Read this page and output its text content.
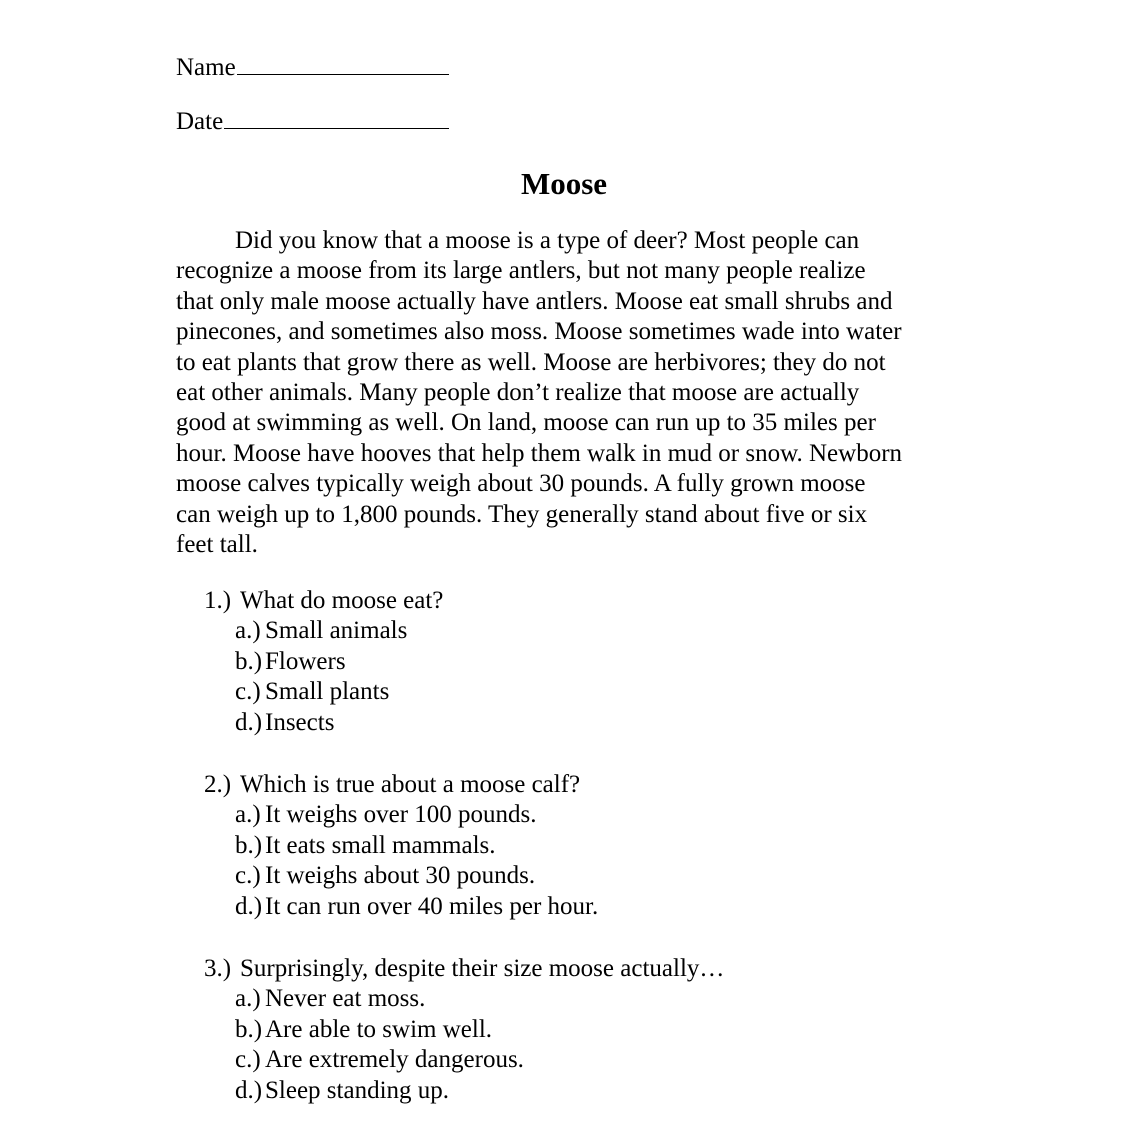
Name
Date
Moose
Did you know that a moose is a type of deer? Most people can
recognize a moose from its large antlers, but not many people realize
that only male moose actually have antlers. Moose eat small shrubs and
pinecones, and sometimes also moss. Moose sometimes wade into water
to eat plants that grow there as well. Moose are herbivores; they do not
eat other animals. Many people don’t realize that moose are actually
good at swimming as well. On land, moose can run up to 35 miles per
hour. Moose have hooves that help them walk in mud or snow. Newborn
moose calves typically weigh about 30 pounds. A fully grown moose
can weigh up to 1,800 pounds. They generally stand about five or six
feet tall.
1.) What do moose eat?
a.) Small animals
b.) Flowers
c.) Small plants
d.) Insects
2.) Which is true about a moose calf?
a.) It weighs over 100 pounds.
b.) It eats small mammals.
c.) It weighs about 30 pounds.
d.) It can run over 40 miles per hour.
3.) Surprisingly, despite their size moose actually…
a.) Never eat moss.
b.) Are able to swim well.
c.) Are extremely dangerous.
d.) Sleep standing up.
